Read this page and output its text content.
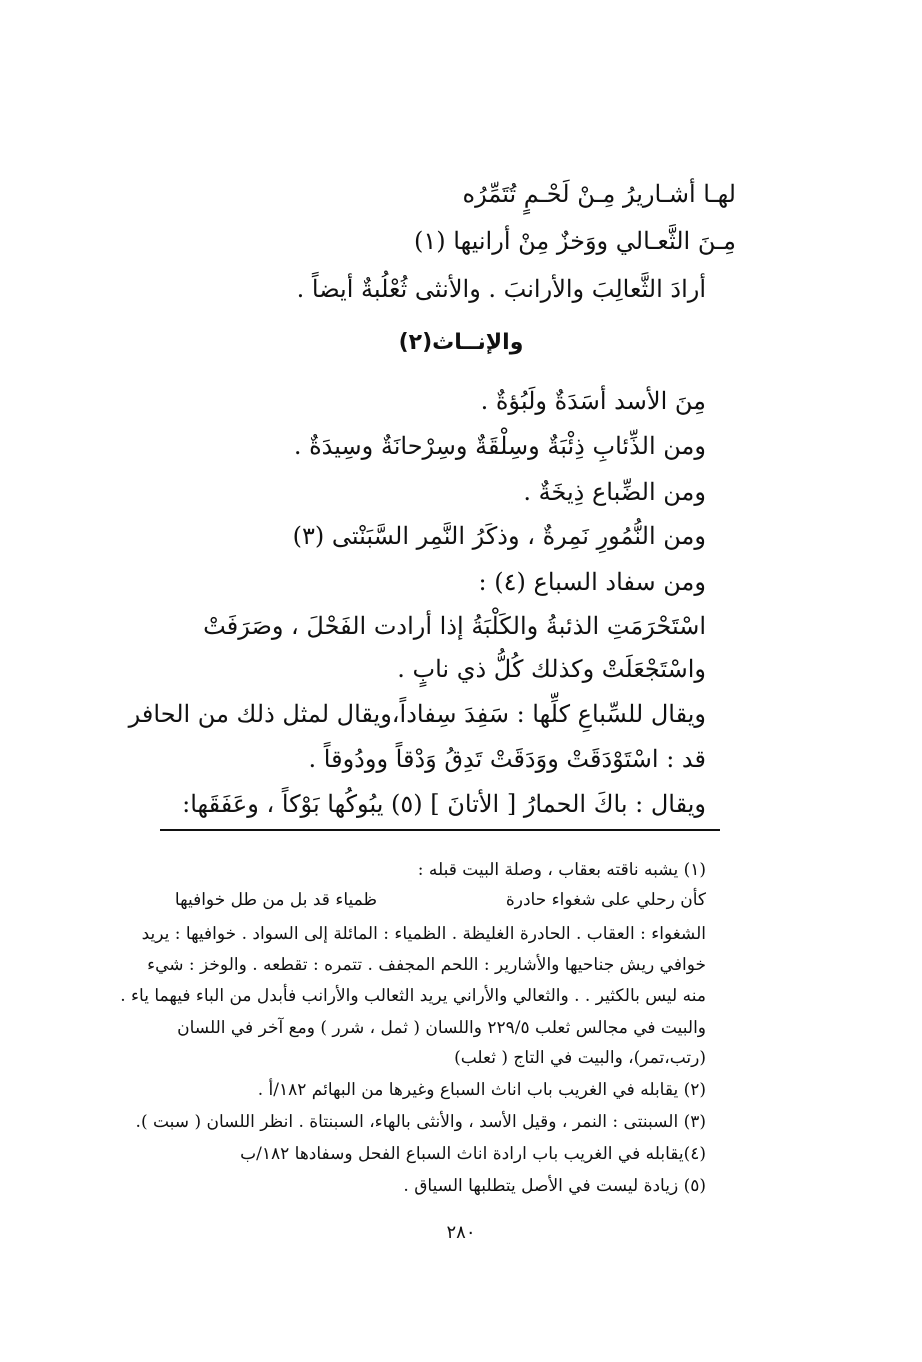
لهـا أشـاريرُ مِـنْ لَحْـمٍ تُتَمِّرُه
مِـنَ الثَّعـالي ووَخزٌ مِنْ أرانيها (١)
أرادَ الثَّعالِبَ والأرانبَ . والأنثى ثُعْلُبةٌ أيضاً .
والإنــاث(٢)
مِنَ الأسد أسَدَةٌ ولَبُؤةٌ .
ومن الذِّئابِ ذِئْبَةٌ وسِلْقَةٌ وسِرْحانَةٌ وسِيدَةٌ .
ومن الضِّباع ذِيخَةٌ .
ومن النُّمُورِ نَمِرةٌ ، وذكَرُ النَّمِر السَّبَنْتى (٣)
ومن سفاد السباع (٤) :
اسْتَحْرَمَتِ الذئبةُ والكَلْبَةُ إذا أرادت الفَحْلَ ، وصَرَفَتْ
واسْتَجْعَلَتْ وكذلك كُلُّ ذي نابٍ .
ويقال للسِّباعِ كلِّها : سَفِدَ سِفاداً،ويقال لمثل ذلك من الحافر
قد : اسْتَوْدَقَتْ ووَدَقَتْ تَدِقُ وَدْقاً وودُوقاً .
ويقال : باكَ الحمارُ [ الأتانَ ] (٥) يبُوكُها بَوْكاً ، وعَفَقَها:
(١) يشبه ناقته بعقاب ، وصلة البيت قبله :
كأن رحلي على شغواء حادرة
ظمياء قد بل من طل خوافيها
الشغواء : العقاب . الحادرة الغليظة . الظمياء : المائلة إلى السواد . خوافيها : يريد
خوافي ريش جناحيها والأشارير : اللحم المجفف . تتمره : تقطعه . والوخز : شيء
منه ليس بالكثير . . والثعالي والأراني يريد الثعالب والأرانب فأبدل من الباء فيهما ياء .
والبيت في مجالس ثعلب ٢٢٩/٥ واللسان ( ثمل ، شرر ) ومع آخر في اللسان
(رتب،تمر)، والبيت في التاج ( ثعلب)
(٢) يقابله في الغريب باب اناث السباع وغيرها من البهائم ١٨٢/أ .
(٣) السبنتى : النمر ، وقيل الأسد ، والأنثى بالهاء، السبنتاة . انظر اللسان ( سبت ).
(٤)يقابله في الغريب باب ارادة اناث السباع الفحل وسفادها ١٨٢/ب
(٥) زيادة ليست في الأصل يتطلبها السياق .
٢٨٠
